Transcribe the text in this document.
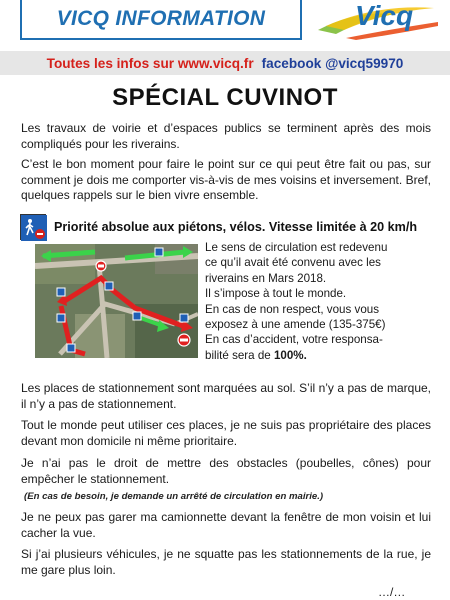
VICQ INFORMATION	Vicq
Toutes les infos sur www.vicq.fr facebook @vicq59970
SPÉCIAL CUVINOT

Les travaux de voirie et d’espaces publics se terminent après des mois compliqués pour les riverains.

C’est le bon moment pour faire le point sur ce qui peut être fait ou pas, sur comment je dois me comporter vis-à-vis de mes voisins et inversement. Bref, quelques rappels sur le bien vivre ensemble.

Priorité absolue aux piétons, vélos. Vitesse limitée à 20 km/h
Le sens de circulation est redevenu
ce qu’il avait été convenu avec les
riverains en Mars 2018.
Il s’impose à tout le monde.
En cas de non respect, vous vous
exposez à une amende (135-375€)
En cas d’accident, votre responsa-
bilité sera de 100%.

Les places de stationnement sont marquées au sol. S’il n’y a pas de marque, il n’y a pas de stationnement.

Tout le monde peut utiliser ces places, je ne suis pas propriétaire des places devant mon domicile ni même prioritaire.

Je n’ai pas le droit de mettre des obstacles (poubelles, cônes) pour empêcher le stationnement.

(En cas de besoin, je demande un arrêté de circulation en mairie.)

Je ne peux pas garer ma camionnette devant la fenêtre de mon voisin et lui cacher la vue.

Si j’ai plusieurs véhicules, je ne squatte pas les stationnements de la rue, je me gare plus loin.

…/…
